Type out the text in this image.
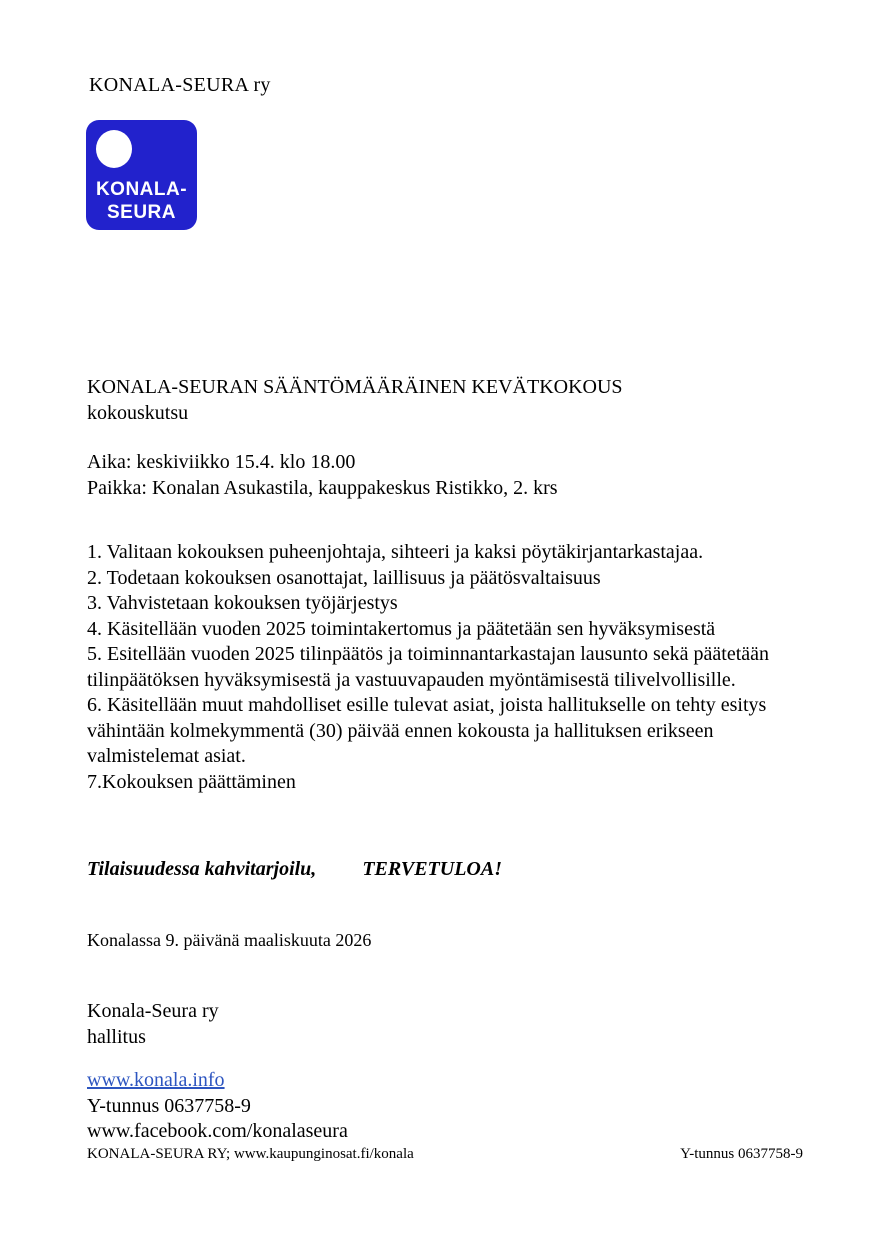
KONALA-SEURA ry
KONALA-
SEURA
KONALA-SEURAN SÄÄNTÖMÄÄRÄINEN KEVÄTKOKOUS
kokouskutsu
Aika: keskiviikko 15.4. klo 18.00
Paikka: Konalan Asukastila, kauppakeskus Ristikko, 2. krs
1. Valitaan kokouksen puheenjohtaja, sihteeri ja kaksi pöytäkirjantarkastajaa.
2. Todetaan kokouksen osanottajat, laillisuus ja päätösvaltaisuus
3. Vahvistetaan kokouksen työjärjestys
4. Käsitellään vuoden 2025 toimintakertomus ja päätetään sen hyväksymisestä
5. Esitellään vuoden 2025 tilinpäätös ja toiminnantarkastajan lausunto sekä päätetään tilinpäätöksen hyväksymisestä ja vastuuvapauden myöntämisestä tilivelvollisille.
6. Käsitellään muut mahdolliset esille tulevat asiat, joista hallitukselle on tehty esitys vähintään kolmekymmentä (30) päivää ennen kokousta ja hallituksen erikseen valmistelemat asiat.
7.Kokouksen päättäminen
Tilaisuudessa kahvitarjoilu, TERVETULOA!
Konalassa 9. päivänä maaliskuuta 2026
Konala-Seura ry
hallitus
www.konala.info
Y-tunnus 0637758-9
www.facebook.com/konalaseura
KONALA-SEURA RY; www.kaupunginosat.fi/konala	Y-tunnus 0637758-9
